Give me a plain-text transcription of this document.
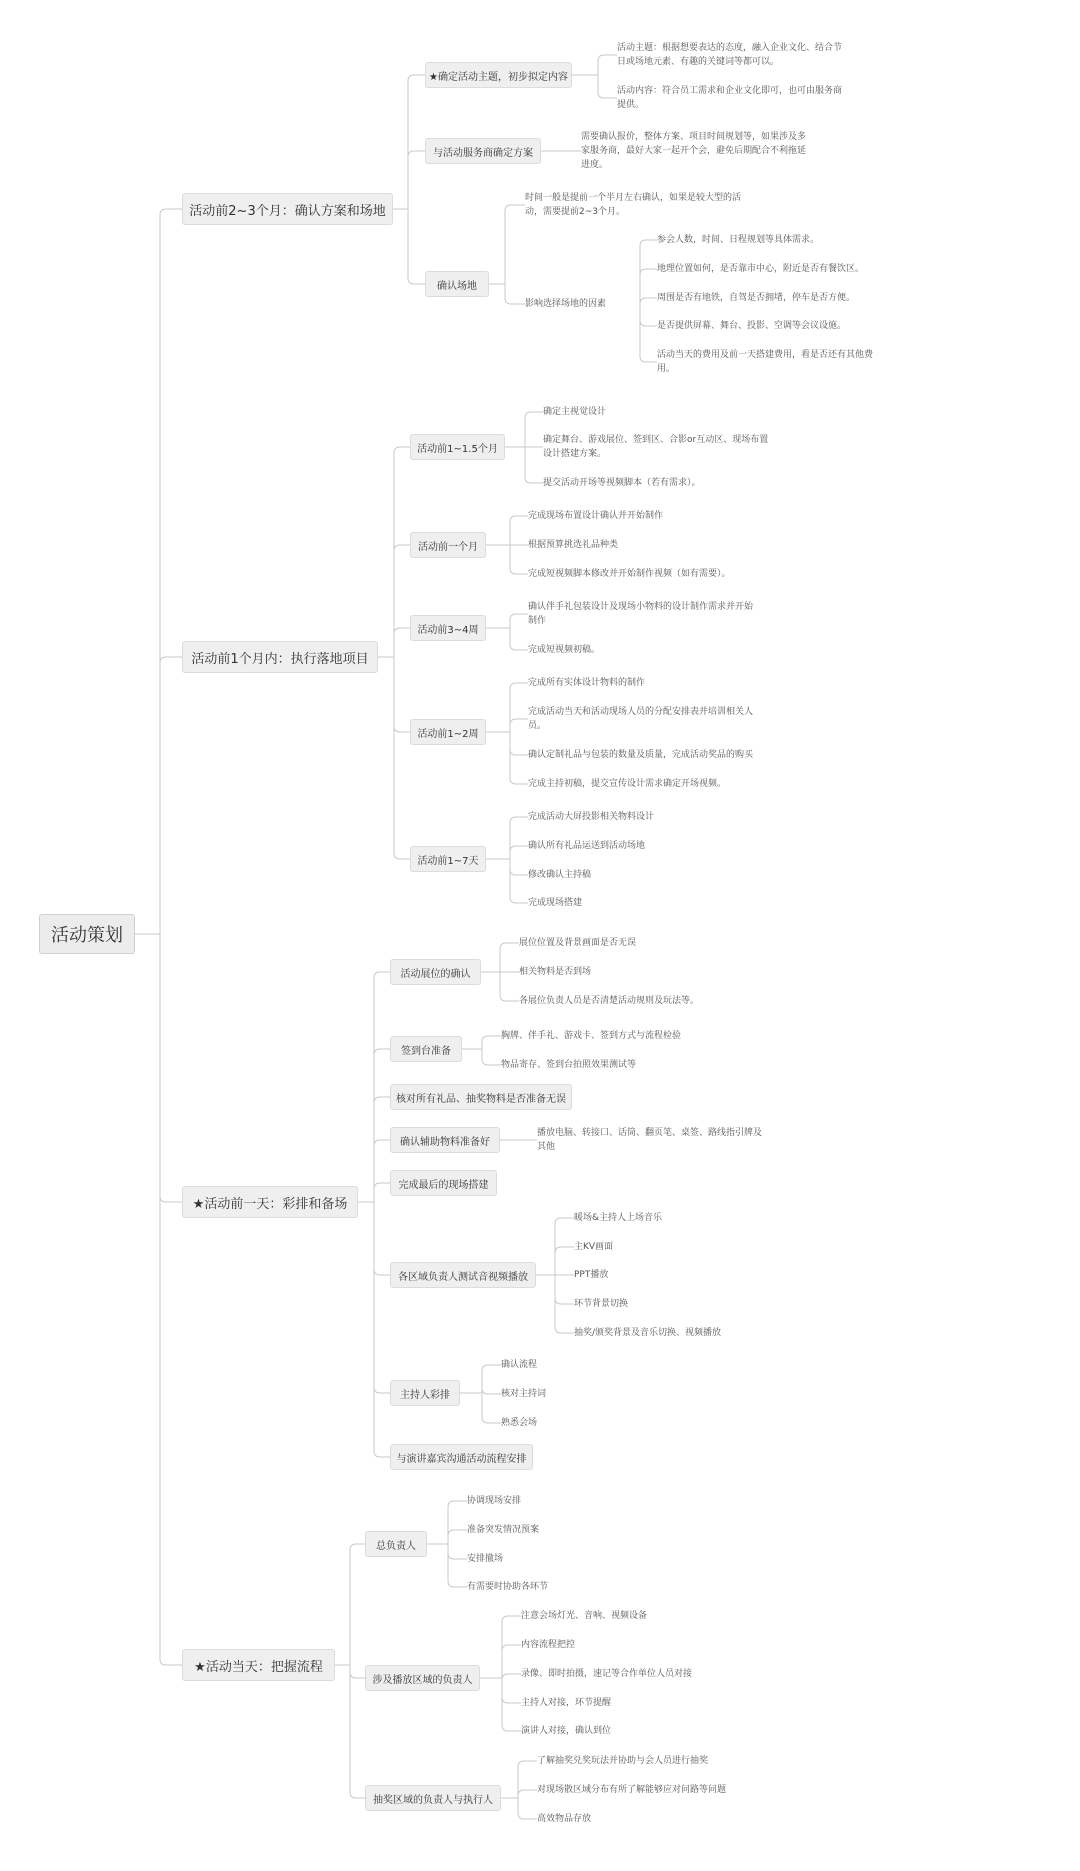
活动策划
活动前2~3个月：确认方案和场地
★确定活动主题，初步拟定内容
活动主题：根据想要表达的态度，融入企业文化、结合节
日或场地元素、有趣的关键词等都可以。
活动内容：符合员工需求和企业文化即可，也可由服务商
提供。
与活动服务商确定方案
需要确认报价，整体方案、项目时间规划等，如果涉及多
家服务商，最好大家一起开个会，避免后期配合不利拖延
进度。
确认场地
时间一般是提前一个半月左右确认，如果是较大型的活
动，需要提前2~3个月。
影响选择场地的因素
参会人数，时间、日程规划等具体需求。
地理位置如何，是否靠市中心，附近是否有餐饮区。
周围是否有地铁，自驾是否拥堵，停车是否方便。
是否提供屏幕、舞台、投影、空调等会议设施。
活动当天的费用及前一天搭建费用，看是否还有其他费
用。
活动前1个月内：执行落地项目
活动前1~1.5个月
确定主视觉设计
确定舞台、游戏展位、签到区、合影or互动区、现场布置
设计搭建方案。
提交活动开场等视频脚本（若有需求）。
活动前一个月
完成现场布置设计确认并开始制作
根据预算挑选礼品种类
完成短视频脚本修改并开始制作视频（如有需要）。
活动前3~4周
确认伴手礼包装设计及现场小物料的设计制作需求并开始
制作
完成短视频初稿。
活动前1~2周
完成所有实体设计物料的制作
完成活动当天和活动现场人员的分配安排表并培训相关人
员。
确认定制礼品与包装的数量及质量，完成活动奖品的购买
完成主持初稿，提交宣传设计需求确定开场视频。
活动前1~7天
完成活动大屏投影相关物料设计
确认所有礼品运送到活动场地
修改确认主持稿
完成现场搭建
★活动前一天：彩排和备场
活动展位的确认
展位位置及背景画面是否无误
相关物料是否到场
各展位负责人员是否清楚活动规则及玩法等。
签到台准备
胸牌、伴手礼、游戏卡、签到方式与流程检验
物品寄存、签到台拍照效果测试等
核对所有礼品、抽奖物料是否准备无误
确认辅助物料准备好
播放电脑、转接口、话筒、翻页笔、桌签、路线指引牌及
其他
完成最后的现场搭建
各区域负责人测试音视频播放
暖场&主持人上场音乐
主KV画面
PPT播放
环节背景切换
抽奖/颁奖背景及音乐切换、视频播放
主持人彩排
确认流程
核对主持词
熟悉会场
与演讲嘉宾沟通活动流程安排
★活动当天：把握流程
总负责人
协调现场安排
准备突发情况预案
安排撤场
有需要时协助各环节
涉及播放区域的负责人
注意会场灯光、音响、视频设备
内容流程把控
录像、即时拍摄，速记等合作单位人员对接
主持人对接，环节提醒
演讲人对接，确认到位
抽奖区域的负责人与执行人
了解抽奖兑奖玩法并协助与会人员进行抽奖
对现场散区域分布有所了解能够应对问路等问题
高效物品存放
